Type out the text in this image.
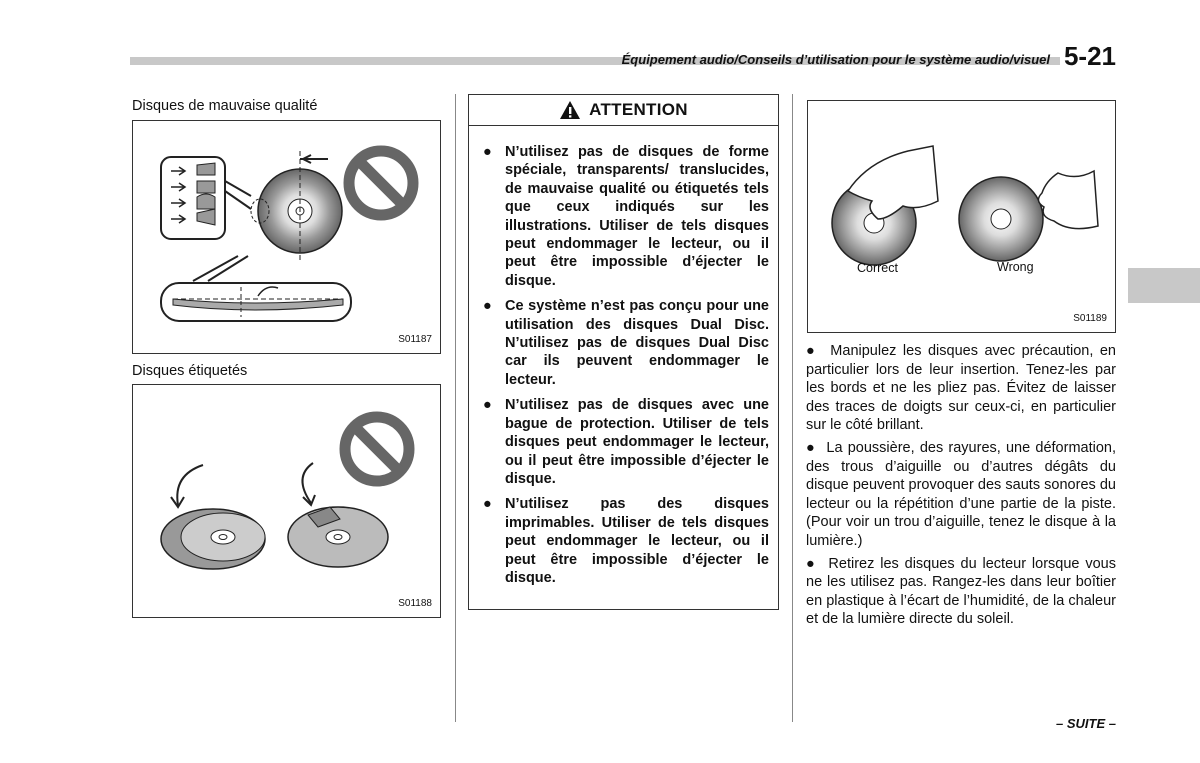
Équipement audio/Conseils d’utilisation pour le système audio/visuel 5-21
Disques de mauvaise qualité
S01187
Disques étiquetés
S01188
ATTENTION
● N’utilisez pas de disques de forme spéciale, transparents/ translucides, de mauvaise qualité ou étiquetés tels que ceux indiqués sur les illustrations. Utiliser de tels disques peut endommager le lecteur, ou il peut être impossible d’éjecter le disque.
● Ce système n’est pas conçu pour une utilisation des disques Dual Disc. N’utilisez pas de disques Dual Disc car ils peuvent endommager le lecteur.
● N’utilisez pas de disques avec une bague de protection. Utiliser de tels disques peut endommager le lecteur, ou il peut être impossible d’éjecter le disque.
● N’utilisez pas des disques imprimables. Utiliser de tels disques peut endommager le lecteur, ou il peut être impossible d’éjecter le disque.
Correct	Wrong
S01189
● Manipulez les disques avec précaution, en particulier lors de leur insertion. Tenez-les par les bords et ne les pliez pas. Évitez de laisser des traces de doigts sur ceux-ci, en particulier sur le côté brillant.
● La poussière, des rayures, une déformation, des trous d’aiguille ou d’autres dégâts du disque peuvent provoquer des sauts sonores du lecteur ou la répétition d’une partie de la piste. (Pour voir un trou d’aiguille, tenez le disque à la lumière.)
● Retirez les disques du lecteur lorsque vous ne les utilisez pas. Rangez-les dans leur boîtier en plastique à l’écart de l’humidité, de la chaleur et de la lumière directe du soleil.
– SUITE –
